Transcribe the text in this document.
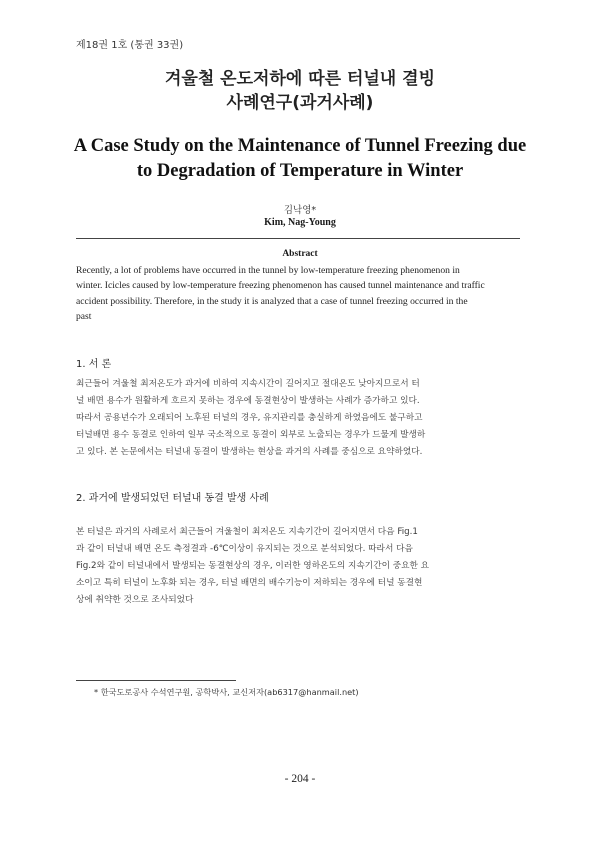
제18권 1호 (통권 33권)
겨울철 온도저하에 따른 터널내 결빙
사례연구(과거사례)
A Case Study on the Maintenance of Tunnel Freezing due
to Degradation of Temperature in Winter
김낙영*
Kim, Nag-Young
Abstract
Recently, a lot of problems have occurred in the tunnel by low-temperature freezing phenomenon in
winter. Icicles caused by low-temperature freezing phenomenon has caused tunnel maintenance and traffic
accident possibility. Therefore, in the study it is analyzed that a case of tunnel freezing occurred in the
past
1. 서 론
최근들어 겨울철 최저온도가 과거에 비하여 지속시간이 길어지고 절대온도 낮아지므로서 터
널 배면 용수가 원활하게 흐르지 못하는 경우에 동결현상이 발생하는 사례가 증가하고 있다.
따라서 공용년수가 오래되어 노후된 터널의 경우, 유지관리를 충실하게 하였음에도 불구하고
터널배면 용수 동결로 인하여 일부 국소적으로 동결이 외부로 노출되는 경우가 드물게 발생하
고 있다. 본 논문에서는 터널내 동결이 발생하는 현상을 과거의 사례를 중심으로 요약하였다.
2. 과거에 발생되었던 터널내 동결 발생 사례
본 터널은 과거의 사례로서 최근들어 겨울철이 최저온도 지속기간이 길어지면서 다음 Fig.1
과 같이 터널내 배면 온도 측정결과 -6℃이상이 유지되는 것으로 분석되었다. 따라서 다음
Fig.2와 같이 터널내에서 발생되는 동결현상의 경우, 이러한 영하온도의 지속기간이 중요한 요
소이고 특히 터널이 노후화 되는 경우, 터널 배면의 배수기능이 저하되는 경우에 터널 동결현
상에 취약한 것으로 조사되었다
* 한국도로공사 수석연구원, 공학박사, 교신저자(ab6317@hanmail.net)
- 204 -
